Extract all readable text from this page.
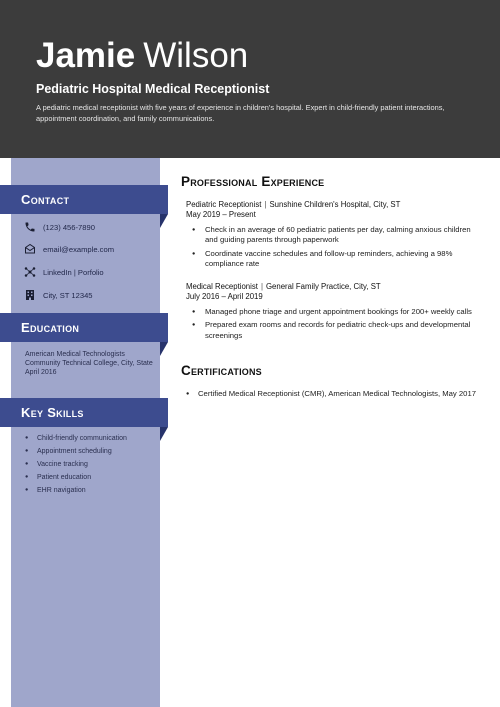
Jamie Wilson
Pediatric Hospital Medical Receptionist
A pediatric medical receptionist with five years of experience in children's hospital. Expert in child-friendly patient interactions, appointment coordination, and family communications.
Contact
(123) 456-7890
email@example.com
LinkedIn | Porfolio
City, ST 12345
Education
American Medical Technologists
Community Technical College, City, State
April 2016
Key Skills
● Child-friendly communication
● Appointment scheduling
● Vaccine tracking
● Patient education
● EHR navigation
Professional Experience
Pediatric Receptionist | Sunshine Children's Hospital, City, ST
May 2019 – Present
● Check in an average of 60 pediatric patients per day, calming anxious children and guiding parents through paperwork
● Coordinate vaccine schedules and follow-up reminders, achieving a 98% compliance rate
Medical Receptionist | General Family Practice, City, ST
July 2016 – April 2019
● Managed phone triage and urgent appointment bookings for 200+ weekly calls
● Prepared exam rooms and records for pediatric check-ups and developmental screenings
Certifications
● Certified Medical Receptionist (CMR), American Medical Technologists, May 2017
